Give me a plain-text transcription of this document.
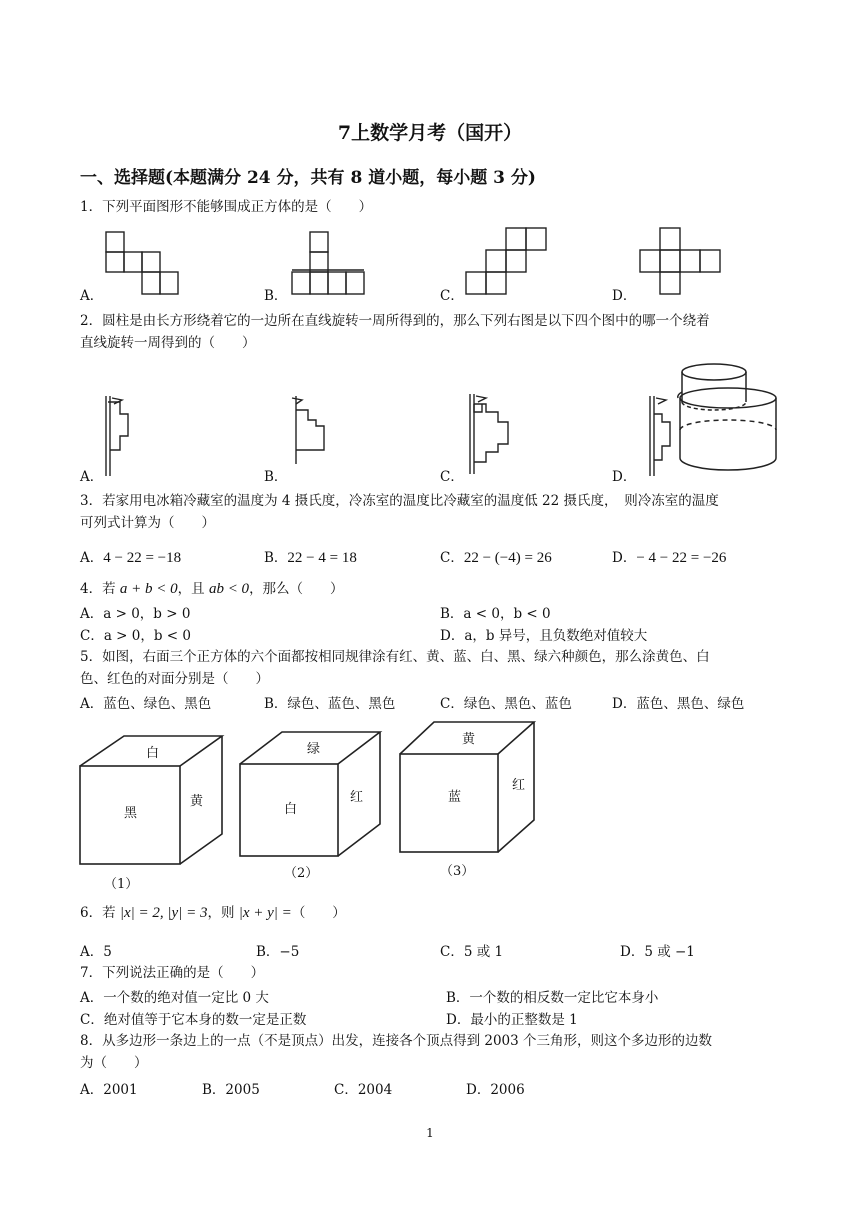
7上数学月考（国开）
一、选择题(本题满分 24 分，共有 8 道小题，每小题 3 分)
1．下列平面图形不能够围成正方体的是（　　）
A．	B．	C．	D．
2．圆柱是由长方形绕着它的一边所在直线旋转一周所得到的，那么下列右图是以下四个图中的哪一个绕着
直线旋转一周得到的（　　）
A．	B．	C．	D．
3．若家用电冰箱冷藏室的温度为 4 摄氏度，冷冻室的温度比冷藏室的温度低 22 摄氏度，　则冷冻室的温度
可列式计算为（　　）
A．4 − 22 = −18	B．22 − 4 = 18	C．22 − (−4) = 26	D．− 4 − 22 = −26
4．若 a + b < 0，且 ab < 0，那么（　　）
A．a > 0，b > 0	B．a < 0，b < 0
C．a > 0，b < 0	D．a，b 异号，且负数绝对值较大
5．如图，右面三个正方体的六个面都按相同规律涂有红、黄、蓝、白、黑、绿六种颜色，那么涂黄色、白
色、红色的对面分别是（　　）
A．蓝色、绿色、黑色	B．绿色、蓝色、黑色	C．绿色、黑色、蓝色	D．蓝色、黑色、绿色
白
黑
黄
（1）
绿
白
红
（2）
黄
蓝
红
（3）
6．若 |x| = 2, |y| = 3，则 |x + y| =（　　）
A．5	B．−5	C．5 或 1	D．5 或 −1
7．下列说法正确的是（　　）
A．一个数的绝对值一定比 0 大	B．一个数的相反数一定比它本身小
C．绝对值等于它本身的数一定是正数	D．最小的正整数是 1
8．从多边形一条边上的一点（不是顶点）出发，连接各个顶点得到 2003 个三角形，则这个多边形的边数
为（　　）
A．2001	B．2005	C．2004	D．2006
1
